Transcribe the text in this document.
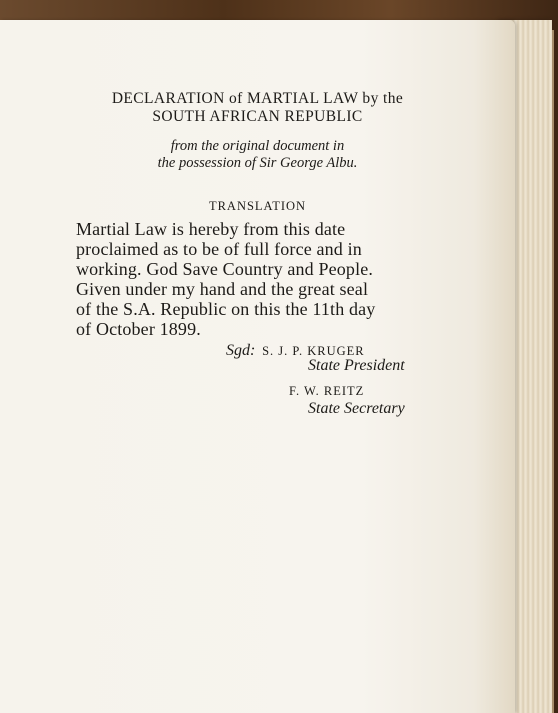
DECLARATION of MARTIAL LAW by the
SOUTH AFRICAN REPUBLIC
from the original document in
the possession of Sir George Albu.
TRANSLATION
Martial Law is hereby from this date
proclaimed as to be of full force and in
working. God Save Country and People.
Given under my hand and the great seal
of the S.A. Republic on this the 11th day
of October 1899.
Sgd: S. J. P. KRUGER
State President
F. W. REITZ
State Secretary
